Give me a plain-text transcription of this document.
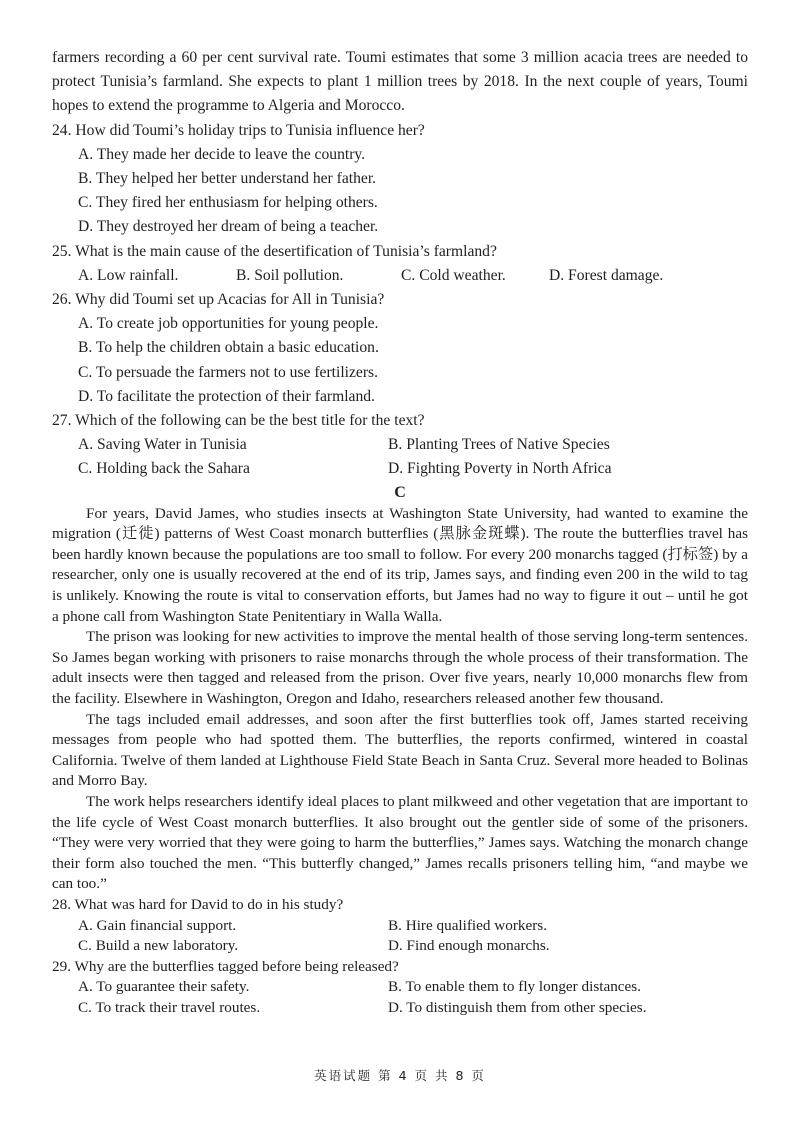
farmers recording a 60 per cent survival rate. Toumi estimates that some 3 million acacia trees are needed to protect Tunisia’s farmland. She expects to plant 1 million trees by 2018. In the next couple of years, Toumi hopes to extend the programme to Algeria and Morocco.

24. How did Toumi’s holiday trips to Tunisia influence her?

A. They made her decide to leave the country.

B. They helped her better understand her father.

C. They fired her enthusiasm for helping others.

D. They destroyed her dream of being a teacher.

25. What is the main cause of the desertification of Tunisia’s farmland?

A. Low rainfall.	B. Soil pollution.	C. Cold weather.	D. Forest damage.

26. Why did Toumi set up Acacias for All in Tunisia?

A. To create job opportunities for young people.

B. To help the children obtain a basic education.

C. To persuade the farmers not to use fertilizers.

D. To facilitate the protection of their farmland.

27. Which of the following can be the best title for the text?

A. Saving Water in Tunisia	B. Planting Trees of Native Species
C. Holding back the Sahara	D. Fighting Poverty in North Africa

C

For years, David James, who studies insects at Washington State University, had wanted to examine the migration (迁徙) patterns of West Coast monarch butterflies (黑脉金斑蝶). The route the butterflies travel has been hardly known because the populations are too small to follow. For every 200 monarchs tagged (打标签) by a researcher, only one is usually recovered at the end of its trip, James says, and finding even 200 in the wild to tag is unlikely. Knowing the route is vital to conservation efforts, but James had no way to figure it out – until he got a phone call from Washington State Penitentiary in Walla Walla.

The prison was looking for new activities to improve the mental health of those serving long-term sentences. So James began working with prisoners to raise monarchs through the whole process of their transformation. The adult insects were then tagged and released from the prison. Over five years, nearly 10,000 monarchs flew from the facility. Elsewhere in Washington, Oregon and Idaho, researchers released another few thousand.

The tags included email addresses, and soon after the first butterflies took off, James started receiving messages from people who had spotted them. The butterflies, the reports confirmed, wintered in coastal California. Twelve of them landed at Lighthouse Field State Beach in Santa Cruz. Several more headed to Bolinas and Morro Bay.

The work helps researchers identify ideal places to plant milkweed and other vegetation that are important to the life cycle of West Coast monarch butterflies. It also brought out the gentler side of some of the prisoners. “They were very worried that they were going to harm the butterflies,” James says. Watching the monarch change their form also touched the men. “This butterfly changed,” James recalls prisoners telling him, “and maybe we can too.”

28. What was hard for David to do in his study?

A. Gain financial support.	B. Hire qualified workers.
C. Build a new laboratory.	D. Find enough monarchs.

29. Why are the butterflies tagged before being released?

A. To guarantee their safety.	B. To enable them to fly longer distances.
C. To track their travel routes.	D. To distinguish them from other species.
英语试题 第 4 页 共 8 页
